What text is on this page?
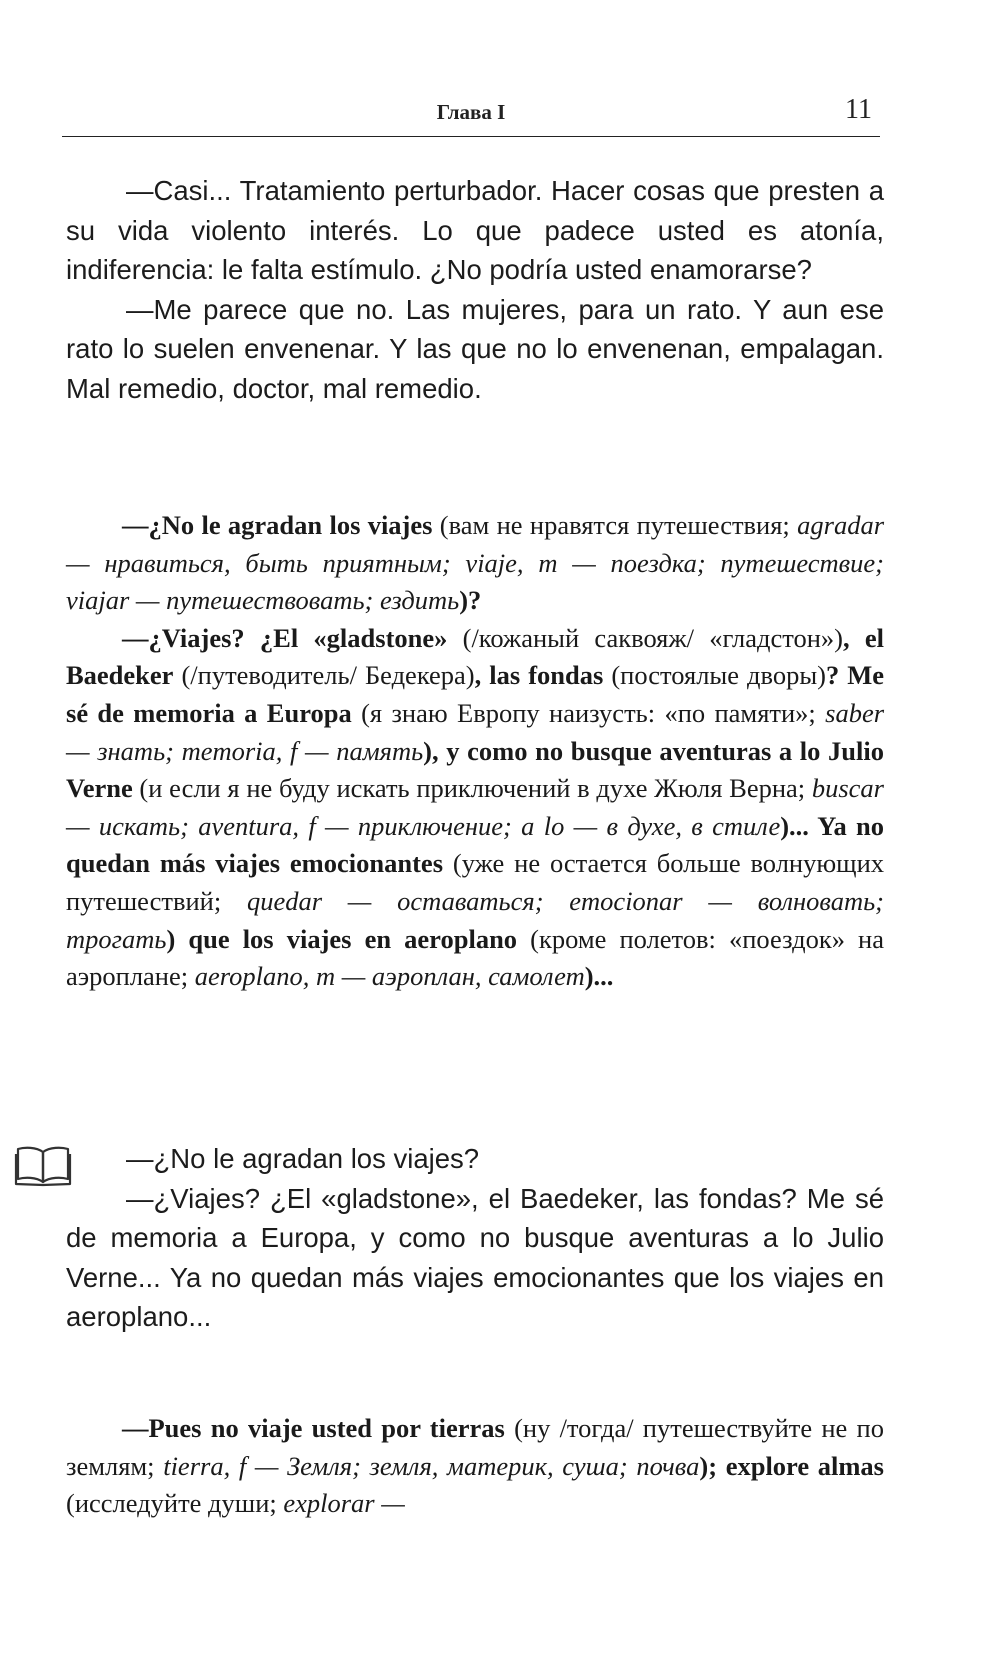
Глава I	11

—Casi... Tratamiento perturbador. Hacer cosas que presten a su vida violento interés. Lo que padece usted es atonía, indiferencia: le falta estímulo. ¿No podría usted enamorarse?

—Me parece que no. Las mujeres, para un rato. Y aun ese rato lo suelen envenenar. Y las que no lo envenenan, empalagan. Mal remedio, doctor, mal remedio.

—¿No le agradan los viajes (вам не нравятся путешествия; agradar — нравиться, быть приятным; viaje, m — поездка; путешествие; viajar — путешествовать; ездить)?

—¿Viajes? ¿El «gladstone» (/кожаный саквояж/ «гладстон»), el Baedeker (/путеводитель/ Бедекера), las fondas (постоялые дворы)? Me sé de memoria a Europa (я знаю Европу наизусть: «по памяти»; saber — знать; memoria, f — память), y como no busque aventuras a lo Julio Verne (и если я не буду искать приключений в духе Жюля Верна; buscar — искать; aventura, f — приключение; a lo — в духе, в стиле)... Ya no quedan más viajes emocionantes (уже не остается больше волнующих путешествий; quedar — оставаться; emocionar — волновать; трогать) que los viajes en aeroplano (кроме полетов: «поездок» на аэроплане; aeroplano, m — аэроплан, самолет)...

—¿No le agradan los viajes?

—¿Viajes? ¿El «gladstone», el Baedeker, las fondas? Me sé de memoria a Europa, y como no busque aventuras a lo Julio Verne... Ya no quedan más viajes emocionantes que los viajes en aeroplano...

—Pues no viaje usted por tierras (ну /тогда/ путешествуйте не по землям; tierra, f — Земля; земля, материк, суша; почва); explore almas (исследуйте души; explorar —
